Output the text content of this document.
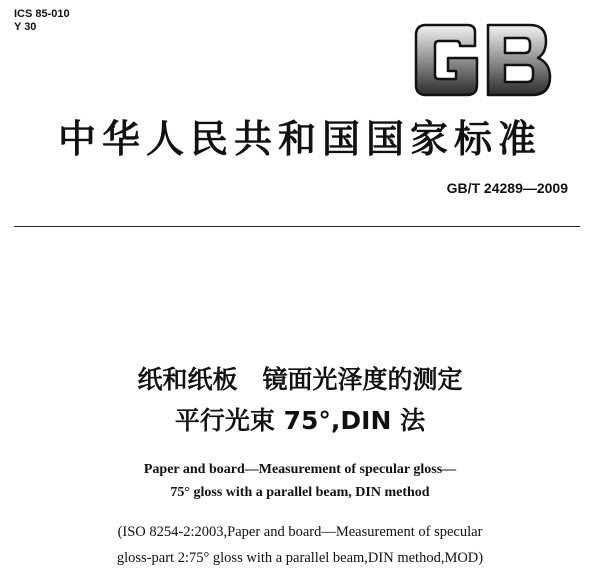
ICS 85-010
Y 30
中华人民共和国国家标准
GB/T 24289—2009
纸和纸板　镜面光泽度的测定
平行光束 75°,DIN 法
Paper and board—Measurement of specular gloss—
75° gloss with a parallel beam, DIN method
(ISO 8254-2:2003,Paper and board—Measurement of specular
gloss-part 2:75° gloss with a parallel beam,DIN method,MOD)
